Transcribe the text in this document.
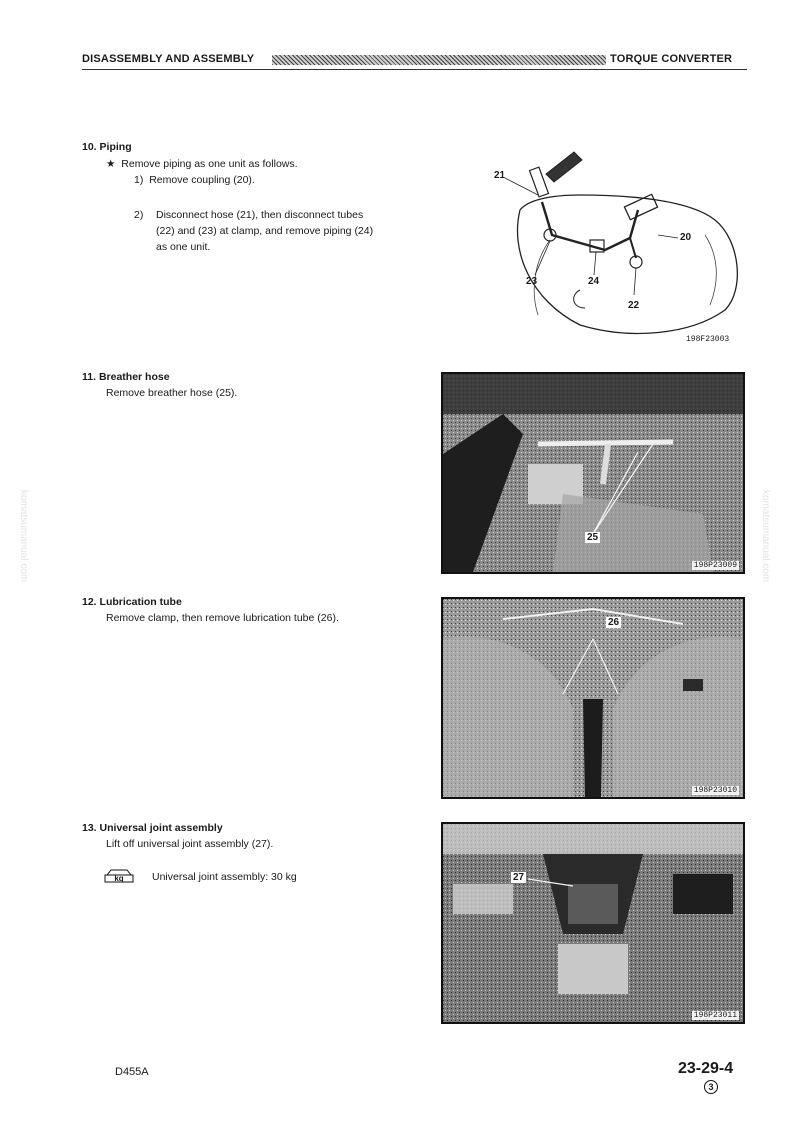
DISASSEMBLY AND ASSEMBLY	TORQUE CONVERTER
komatsumanual.com	komatsumanual.com
10. Piping
★ Remove piping as one unit as follows.
1) Remove coupling (20).
2)	Disconnect hose (21), then disconnect tubes
(22) and (23) at clamp, and remove piping (24)
as one unit.
21
20
23	24
22
198F23003
11. Breather hose
Remove breather hose (25).
25
198P23009
12. Lubrication tube
Remove clamp, then remove lubrication tube (26).	26
198P23010
13. Universal joint assembly
Lift off universal joint assembly (27).
kg	Universal joint assembly: 30 kg	27
198P23011
D455A	23-29-4
3
